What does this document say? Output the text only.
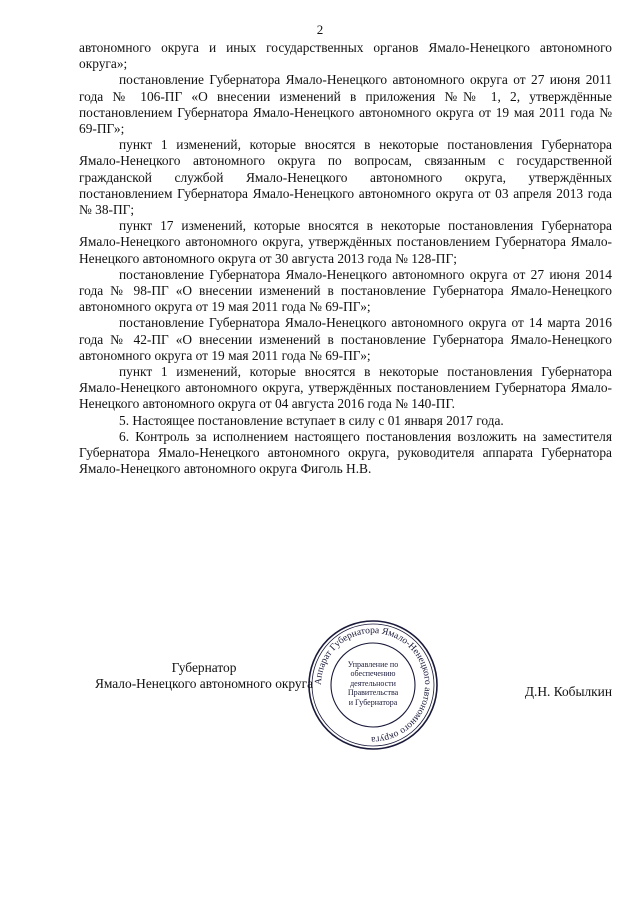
2

автономного округа и иных государственных органов Ямало-Ненецкого автономного округа»;

постановление Губернатора Ямало-Ненецкого автономного округа от 27 июня 2011 года № 106-ПГ «О внесении изменений в приложения №№ 1, 2, утверждённые постановлением Губернатора Ямало-Ненецкого автономного округа от 19 мая 2011 года № 69-ПГ»;

пункт 1 изменений, которые вносятся в некоторые постановления Губернатора Ямало-Ненецкого автономного округа по вопросам, связанным с государственной гражданской службой Ямало-Ненецкого автономного округа, утверждённых постановлением Губернатора Ямало-Ненецкого автономного округа от 03 апреля 2013 года № 38-ПГ;

пункт 17 изменений, которые вносятся в некоторые постановления Губернатора Ямало-Ненецкого автономного округа, утверждённых постановлением Губернатора Ямало-Ненецкого автономного округа от 30 августа 2013 года № 128-ПГ;

постановление Губернатора Ямало-Ненецкого автономного округа от 27 июня 2014 года № 98-ПГ «О внесении изменений в постановление Губернатора Ямало-Ненецкого автономного округа от 19 мая 2011 года № 69-ПГ»;

постановление Губернатора Ямало-Ненецкого автономного округа от 14 марта 2016 года № 42-ПГ «О внесении изменений в постановление Губернатора Ямало-Ненецкого автономного округа от 19 мая 2011 года № 69-ПГ»;

пункт 1 изменений, которые вносятся в некоторые постановления Губернатора Ямало-Ненецкого автономного округа, утверждённых постановлением Губернатора Ямало-Ненецкого автономного округа от 04 августа 2016 года № 140-ПГ.

5. Настоящее постановление вступает в силу с 01 января 2017 года.

6. Контроль за исполнением настоящего постановления возложить на заместителя Губернатора Ямало-Ненецкого автономного округа, руководителя аппарата Губернатора Ямало-Ненецкого автономного округа Фиголь Н.В.

Губернатор
Ямало-Ненецкого автономного округа
Д.Н. Кобылкин
Аппарат Губернатора Ямало-Ненецкого автономного округа
Управление по
обеспечению
деятельности
Правительства
и Губернатора
